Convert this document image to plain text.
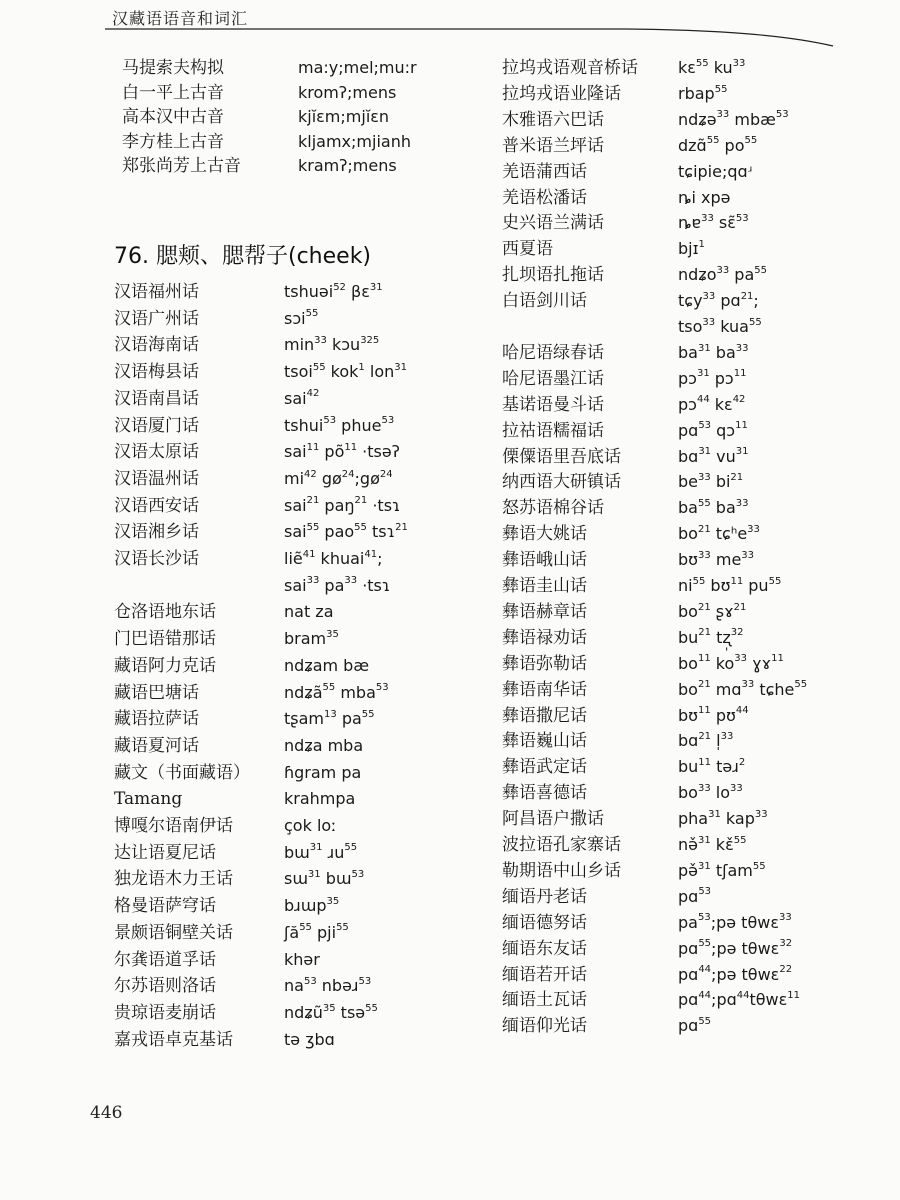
汉藏语语音和词汇
马提索夫构拟	ma:y;mel;mu:r
白一平上古音	kromʔ;mens
高本汉中古音	kjĭɛm;mjĭɛn
李方桂上古音	kljamx;mjianh
郑张尚芳上古音	kramʔ;mens
76. 腮颊、腮帮子(cheek)
汉语福州话	tshuəi$^{52}$ βɛ$^{31}$
汉语广州话	sɔi$^{55}$
汉语海南话	$\min^{33}$ kɔu$^{325}$
汉语梅县话	tsoi$^{55}$ kok$^1$ lon$^{31}$
汉语南昌话	sai$^{42}$
汉语厦门话	tshui$^{53}$ phue$^{53}$
汉语太原话	sai$^{11}$ $põ^{11}$ ·tsəʔ
汉语温州话	$mi^{42}$ $gø^{24};gø^{24}$
汉语西安话	sai$^{21}$ paŋ$^{21}$ ·tsɿ
汉语湘乡话	sai$^{55}$ pao$^{55}$ tsɿ$^{21}$
汉语长沙话	liẽ$^{41}$ khuai$^{41}$;
sai$^{33}$ $pa^{33}$ ·tsɿ
仓洛语地东话	nat za
门巴语错那话	bram$^{35}$
藏语阿力克话	ndʑam bæ
藏语巴塘话	ndʑã$^{55}$ mba$^{53}$
藏语拉萨话	tʂam$^{13}$ $pa^{55}$
藏语夏河话	ndʑa mba
藏文（书面藏语） ɦgram pa
Tamang	krahmpa
博嘎尔语南伊话	çok loː
达让语夏尼话	bɯ$^{31}$ ɹu$^{55}$
独龙语木力王话	sɯ$^{31}$ bɯ$^{53}$
格曼语萨穹话	bɹɯp$^{35}$
景颇语铜壁关话	ʃă$^{55}$ pji$^{55}$
尔龚语道孚话	khər
尔苏语则洛话	$na^{53}$ nbəɹ$^{53}$
贵琼语麦崩话	ndʑũ$^{35}$ tsə$^{55}$
嘉戎语卓克基话	tə ʒbɑ
拉坞戎语观音桥话	kɛ$^{55}$ $ku^{33}$
拉坞戎语业隆话	rbap$^{55}$
木雅语六巴话	ndʑə$^{33}$ mbæ$^{53}$
普米语兰坪话	dzɑ̃$^{55}$ $po^{55}$
羌语蒲西话	tɕipie;qɑʴ
羌语松潘话	ȵi xpə
史兴语兰满话	ȵɐ$^{33}$ sɛ̃$^{53}$
西夏语	bjɪ$^1$
扎坝语扎拖话	ndʑo$^{33}$ $pa^{55}$
白语剑川话	tɕy$^{33}$ pɑ$^{21}$;
tso$^{33}$ kua$^{55}$
哈尼语绿春话	$ba^{31}$ $ba^{33}$
哈尼语墨江话	pɔ$^{31}$ pɔ$^{11}$
基诺语曼斗话	pɔ$^{44}$ kɛ$^{42}$
拉祜语糯福话	pɑ$^{53}$ qɔ$^{11}$
傈僳语里吾底话	bɑ$^{31}$ $vu^{31}$
纳西语大研镇话	$be^{33}$ $bi^{21}$
怒苏语棉谷话	$ba^{55}$ $ba^{33}$
彝语大姚话	$bo^{21}$ tɕʰe$^{33}$
彝语峨山话	bʊ$^{33}$ $me^{33}$
彝语圭山话	$ni^{55}$ bʊ$^{11}$ $pu^{55}$
彝语赫章话	$bo^{21}$ ʂɤ$^{21}$
彝语禄劝话	$bu^{21}$ tʐ̩$^{32}$
彝语弥勒话	$bo^{11}$ $ko^{33}$ ɣɤ$^{11}$
彝语南华话	$bo^{21}$ mɑ$^{33}$ tɕhe$^{55}$
彝语撒尼话	bʊ$^{11}$ pʊ$^{44}$
彝语巍山话	bɑ$^{21}$ l̩$^{33}$
彝语武定话	$bu^{11}$ təɹ$^2$
彝语喜德话	$bo^{33}$ $lo^{33}$
阿昌语户撒话	pha$^{31}$ kap$^{33}$
波拉语孔家寨话	nə̌$^{31}$ kɛ̌$^{55}$
勒期语中山乡话	pə̌$^{31}$ tʃam$^{55}$
缅语丹老话	pɑ$^{53}$
缅语德努话	$pa^{53};pə$ tθwɛ$^{33}$
缅语东友话	pɑ$^{55}$;pə tθwɛ$^{32}$
缅语若开话	pɑ$^{44}$;pə tθwɛ$^{22}$
缅语土瓦话	pɑ$^{44}$;pɑ$^{44}$tθwɛ$^{11}$
缅语仰光话	pɑ$^{55}$
446
